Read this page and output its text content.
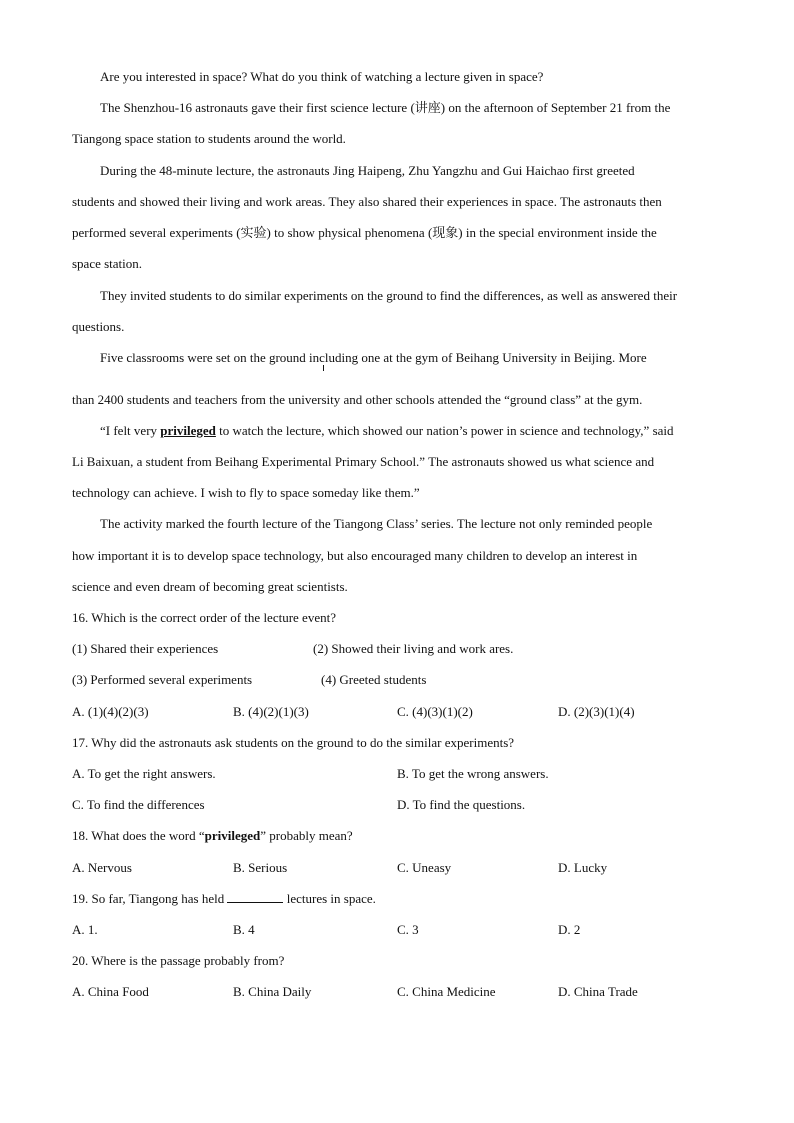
Are you interested in space? What do you think of watching a lecture given in space?
The Shenzhou-16 astronauts gave their first science lecture (讲座) on the afternoon of September 21 from the
Tiangong space station to students around the world.
During the 48-minute lecture, the astronauts Jing Haipeng, Zhu Yangzhu and Gui Haichao first greeted
students and showed their living and work areas. They also shared their experiences in space. The astronauts then
performed several experiments (实验) to show physical phenomena (现象) in the special environment inside the
space station.
They invited students to do similar experiments on the ground to find the differences, as well as answered their
questions.
Five classrooms were set on the ground including one at the gym of Beihang University in Beijing. More
than 2400 students and teachers from the university and other schools attended the “ground class” at the gym.
“I felt very privileged to watch the lecture, which showed our nation’s power in science and technology,” said
Li Baixuan, a student from Beihang Experimental Primary School.” The astronauts showed us what science and
technology can achieve. I wish to fly to space someday like them.”
The activity marked the fourth lecture of the Tiangong Class’ series. The lecture not only reminded people
how important it is to develop space technology, but also encouraged many children to develop an interest in
science and even dream of becoming great scientists.
16. Which is the correct order of the lecture event?
(1) Shared their experiences	(2) Showed their living and work ares.
(3) Performed several experiments	(4) Greeted students
A. (1)(4)(2)(3)	B. (4)(2)(1)(3)	C. (4)(3)(1)(2)	D. (2)(3)(1)(4)
17. Why did the astronauts ask students on the ground to do the similar experiments?
A. To get the right answers.	B. To get the wrong answers.
C. To find the differences	D. To find the questions.
18. What does the word “privileged” probably mean?
A. Nervous	B. Serious	C. Uneasy	D. Lucky
19. So far, Tiangong has held	lectures in space.
A. 1.	B. 4	C. 3	D. 2
20. Where is the passage probably from?
A. China Food	B. China Daily	C. China Medicine	D. China Trade
